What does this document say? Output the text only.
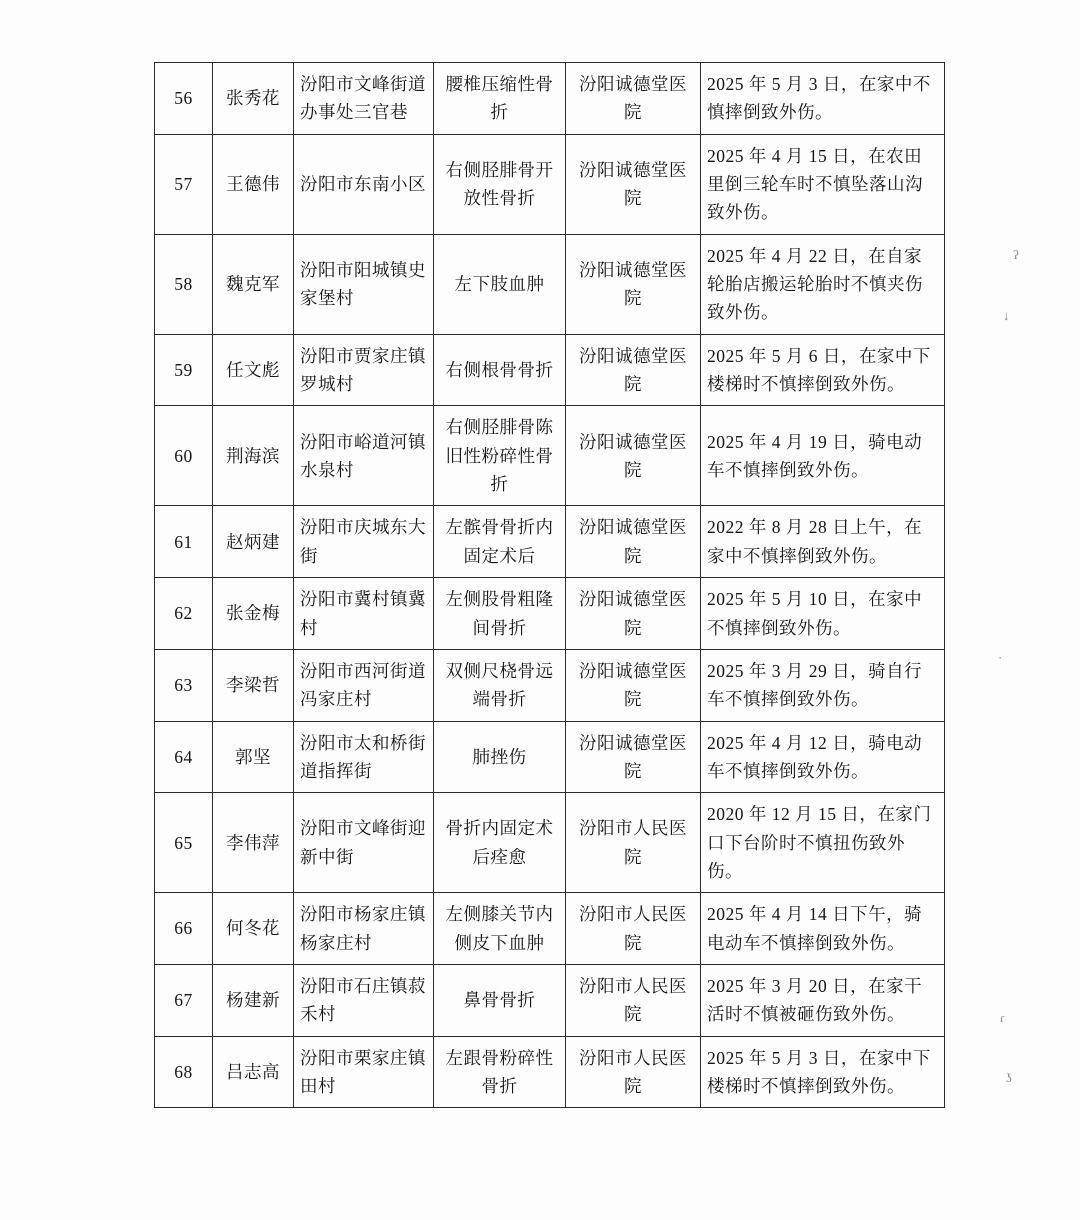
56	张秀花	汾阳市文峰街道办事处三官巷	腰椎压缩性骨折	汾阳诚德堂医院	2025 年 5 月 3 日，在家中不慎摔倒致外伤。
57	王德伟	汾阳市东南小区	右侧胫腓骨开放性骨折	汾阳诚德堂医院	2025 年 4 月 15 日，在农田里倒三轮车时不慎坠落山沟致外伤。
58	魏克军	汾阳市阳城镇史家堡村	左下肢血肿	汾阳诚德堂医院	2025 年 4 月 22 日，在自家轮胎店搬运轮胎时不慎夹伤致外伤。
59	任文彪	汾阳市贾家庄镇罗城村	右侧根骨骨折	汾阳诚德堂医院	2025 年 5 月 6 日，在家中下楼梯时不慎摔倒致外伤。
60	荆海滨	汾阳市峪道河镇水泉村	右侧胫腓骨陈旧性粉碎性骨折	汾阳诚德堂医院	2025 年 4 月 19 日，骑电动车不慎摔倒致外伤。
61	赵炳建	汾阳市庆城东大街	左髌骨骨折内固定术后	汾阳诚德堂医院	2022 年 8 月 28 日上午，在家中不慎摔倒致外伤。
62	张金梅	汾阳市冀村镇冀村	左侧股骨粗隆间骨折	汾阳诚德堂医院	2025 年 5 月 10 日，在家中不慎摔倒致外伤。
63	李梁哲	汾阳市西河街道冯家庄村	双侧尺桡骨远端骨折	汾阳诚德堂医院	2025 年 3 月 29 日，骑自行车不慎摔倒致外伤。
64	郭坚	汾阳市太和桥街道指挥街	肺挫伤	汾阳诚德堂医院	2025 年 4 月 12 日，骑电动车不慎摔倒致外伤。
65	李伟萍	汾阳市文峰街迎新中街	骨折内固定术后痊愈	汾阳市人民医院	2020 年 12 月 15 日，在家门口下台阶时不慎扭伤致外伤。
66	何冬花	汾阳市杨家庄镇杨家庄村	左侧膝关节内侧皮下血肿	汾阳市人民医院	2025 年 4 月 14 日下午，骑电动车不慎摔倒致外伤。
67	杨建新	汾阳市石庄镇菽禾村	鼻骨骨折	汾阳市人民医院	2025 年 3 月 20 日，在家干活时不慎被砸伤致外伤。
68	吕志高	汾阳市栗家庄镇田村	左跟骨粉碎性骨折	汾阳市人民医院	2025 年 5 月 3 日，在家中下楼梯时不慎摔倒致外伤。
ʔ
↓
·
ɾ
ʖ
